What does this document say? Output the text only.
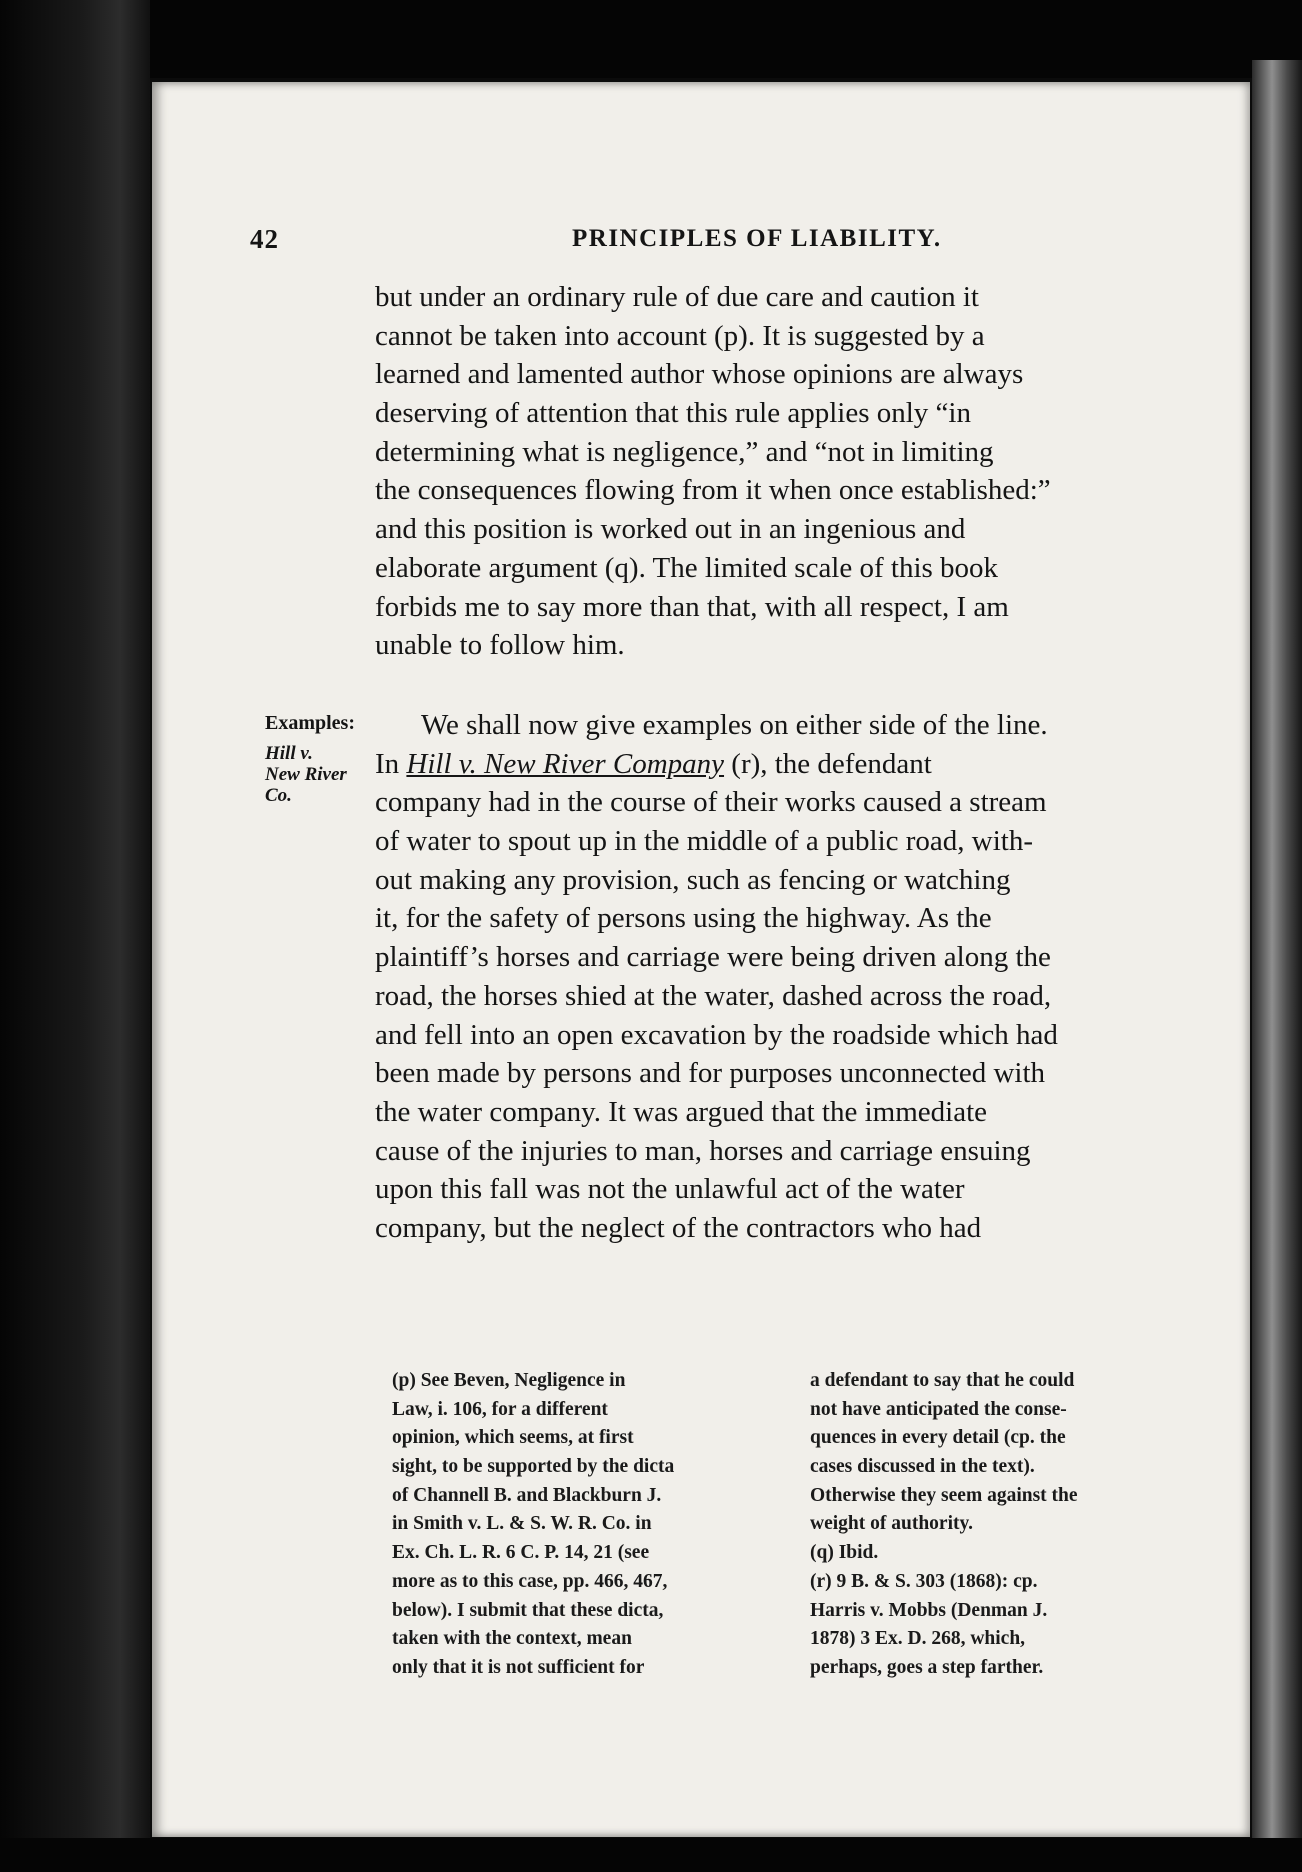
42	PRINCIPLES OF LIABILITY.
but under an ordinary rule of due care and caution it
cannot be taken into account (p). It is suggested by a
learned and lamented author whose opinions are always
deserving of attention that this rule applies only “in
determining what is negligence,” and “not in limiting
the consequences flowing from it when once established:”
and this position is worked out in an ingenious and
elaborate argument (q). The limited scale of this book
forbids me to say more than that, with all respect, I am
unable to follow him.
Examples:
Hill v.
New River
Co.
We shall now give examples on either side of the line.
In Hill v. New River Company (r), the defendant
company had in the course of their works caused a stream
of water to spout up in the middle of a public road, with-
out making any provision, such as fencing or watching
it, for the safety of persons using the highway. As the
plaintiff’s horses and carriage were being driven along the
road, the horses shied at the water, dashed across the road,
and fell into an open excavation by the roadside which had
been made by persons and for purposes unconnected with
the water company. It was argued that the immediate
cause of the injuries to man, horses and carriage ensuing
upon this fall was not the unlawful act of the water
company, but the neglect of the contractors who had
(p) See Beven, Negligence in
Law, i. 106, for a different
opinion, which seems, at first
sight, to be supported by the dicta
of Channell B. and Blackburn J.
in Smith v. L. & S. W. R. Co. in
Ex. Ch. L. R. 6 C. P. 14, 21 (see
more as to this case, pp. 466, 467,
below). I submit that these dicta,
taken with the context, mean
only that it is not sufficient for
a defendant to say that he could
not have anticipated the conse-
quences in every detail (cp. the
cases discussed in the text).
Otherwise they seem against the
weight of authority.
(q) Ibid.
(r) 9 B. & S. 303 (1868): cp.
Harris v. Mobbs (Denman J.
1878) 3 Ex. D. 268, which,
perhaps, goes a step farther.
